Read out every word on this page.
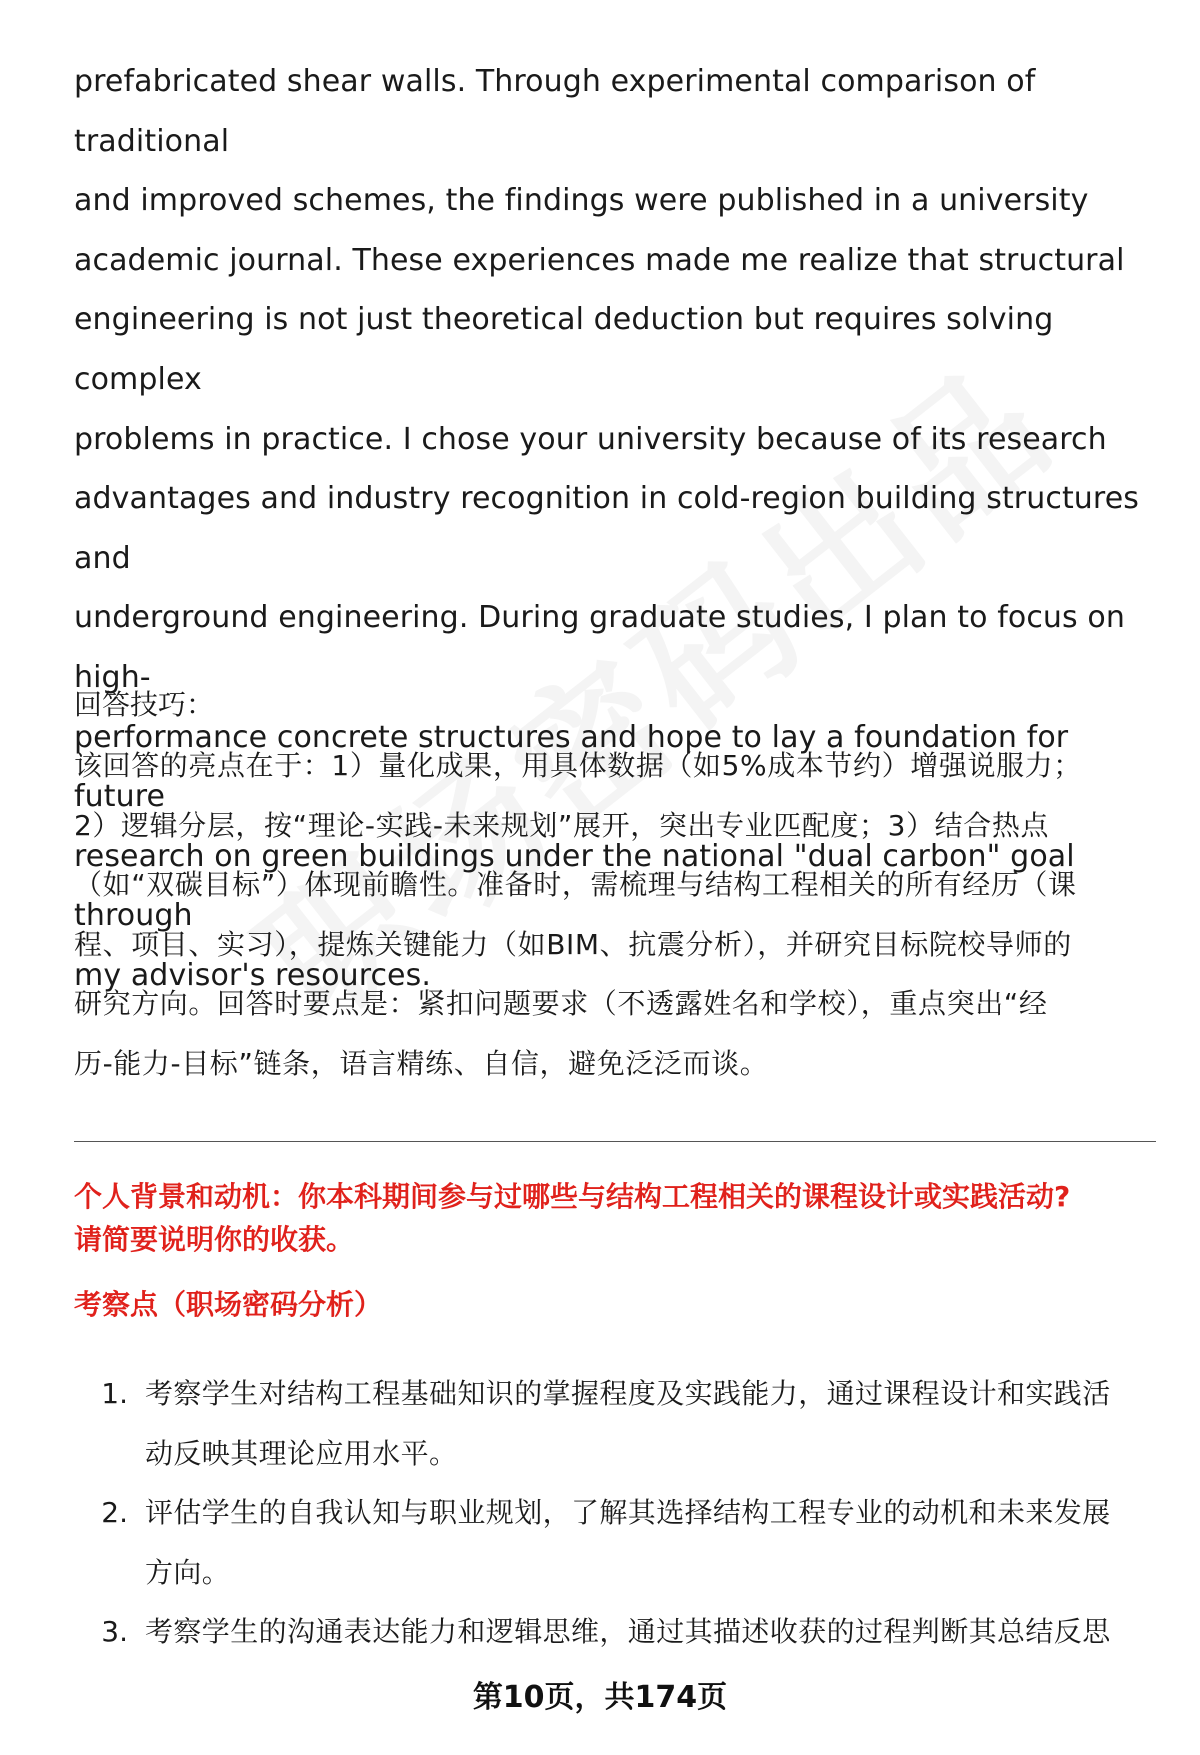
prefabricated shear walls. Through experimental comparison of traditional
and improved schemes, the findings were published in a university
academic journal. These experiences made me realize that structural
engineering is not just theoretical deduction but requires solving complex
problems in practice. I chose your university because of its research
advantages and industry recognition in cold-region building structures and
underground engineering. During graduate studies, I plan to focus on high-
performance concrete structures and hope to lay a foundation for future
research on green buildings under the national "dual carbon" goal through
my advisor's resources.
回答技巧：
该回答的亮点在于：1）量化成果，用具体数据（如5%成本节约）增强说服力；
2）逻辑分层，按“理论-实践-未来规划”展开，突出专业匹配度；3）结合热点
（如“双碳目标”）体现前瞻性。准备时，需梳理与结构工程相关的所有经历（课
程、项目、实习），提炼关键能力（如BIM、抗震分析），并研究目标院校导师的
研究方向。回答时要点是：紧扣问题要求（不透露姓名和学校），重点突出“经
历-能力-目标”链条，语言精练、自信，避免泛泛而谈。
个人背景和动机：你本科期间参与过哪些与结构工程相关的课程设计或实践活动?
请简要说明你的收获。
考察点（职场密码分析）
1. 考察学生对结构工程基础知识的掌握程度及实践能力，通过课程设计和实践活
动反映其理论应用水平。
2. 评估学生的自我认知与职业规划，了解其选择结构工程专业的动机和未来发展
方向。
3. 考察学生的沟通表达能力和逻辑思维，通过其描述收获的过程判断其总结反思
第10页，共174页
